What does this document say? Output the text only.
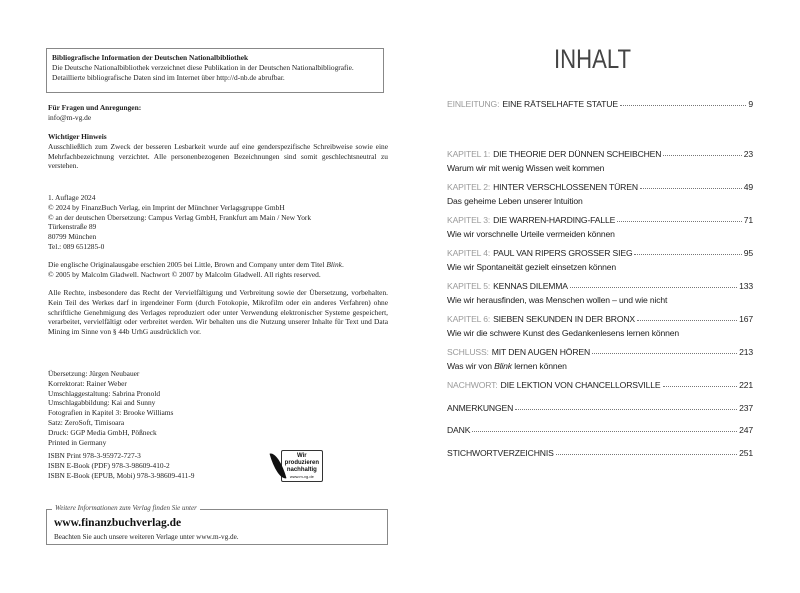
Bibliografische Information der Deutschen Nationalbibliothek
Die Deutsche Nationalbibliothek verzeichnet diese Publikation in der Deutschen Nationalbibliografie. Detaillierte bibliografische Daten sind im Internet über http://d-nb.de abrufbar.
Für Fragen und Anregungen:
info@m-vg.de
Wichtiger Hinweis
Ausschließlich zum Zweck der besseren Lesbarkeit wurde auf eine genderspezifische Schreibweise sowie eine Mehrfachbezeichnung verzichtet. Alle personenbezogenen Bezeichnungen sind somit geschlechtsneutral zu verstehen.
1. Auflage 2024
© 2024 by FinanzBuch Verlag, ein Imprint der Münchner Verlagsgruppe GmbH
© an der deutschen Übersetzung: Campus Verlag GmbH, Frankfurt am Main / New York
Türkenstraße 89
80799 München
Tel.: 089 651285-0
Die englische Originalausgabe erschien 2005 bei Little, Brown and Company unter dem Titel Blink.
© 2005 by Malcolm Gladwell. Nachwort © 2007 by Malcolm Gladwell. All rights reserved.
Alle Rechte, insbesondere das Recht der Vervielfältigung und Verbreitung sowie der Übersetzung, vorbehalten. Kein Teil des Werkes darf in irgendeiner Form (durch Fotokopie, Mikrofilm oder ein anderes Verfahren) ohne schriftliche Genehmigung des Verlages reproduziert oder unter Verwendung elektronischer Systeme gespeichert, verarbeitet, vervielfältigt oder verbreitet werden. Wir behalten uns die Nutzung unserer Inhalte für Text und Data Mining im Sinne von § 44b UrhG ausdrücklich vor.
Übersetzung: Jürgen Neubauer
Korrektorat: Rainer Weber
Umschlaggestaltung: Sabrina Pronold
Umschlagabbildung: Kai and Sunny
Fotografien in Kapitel 3: Brooke Williams
Satz: ZeroSoft, Timisoara
Druck: GGP Media GmbH, Pößneck
Printed in Germany
ISBN Print 978-3-95972-727-3
ISBN E-Book (PDF) 978-3-98609-410-2
ISBN E-Book (EPUB, Mobi) 978-3-98609-411-9
Wir produzieren
nachhaltig
www.m-vg.de
Weitere Informationen zum Verlag finden Sie unter
www.finanzbuchverlag.de
Beachten Sie auch unsere weiteren Verlage unter www.m-vg.de.
INHALT
EINLEITUNG: EINE RÄTSELHAFTE STATUE	9
KAPITEL 1: DIE THEORIE DER DÜNNEN SCHEIBCHEN	23
Warum wir mit wenig Wissen weit kommen
KAPITEL 2: HINTER VERSCHLOSSENEN TÜREN	49
Das geheime Leben unserer Intuition
KAPITEL 3: DIE WARREN-HARDING-FALLE	71
Wie wir vorschnelle Urteile vermeiden können
KAPITEL 4: PAUL VAN RIPERS GROSSER SIEG	95
Wie wir Spontaneität gezielt einsetzen können
KAPITEL 5: KENNAS DILEMMA	133
Wie wir herausfinden, was Menschen wollen – und wie nicht
KAPITEL 6: SIEBEN SEKUNDEN IN DER BRONX	167
Wie wir die schwere Kunst des Gedankenlesens lernen können
SCHLUSS: MIT DEN AUGEN HÖREN	213
Was wir von Blink lernen können
NACHWORT: DIE LEKTION VON CHANCELLORSVILLE	221
ANMERKUNGEN	237
DANK	247
STICHWORTVERZEICHNIS	251
